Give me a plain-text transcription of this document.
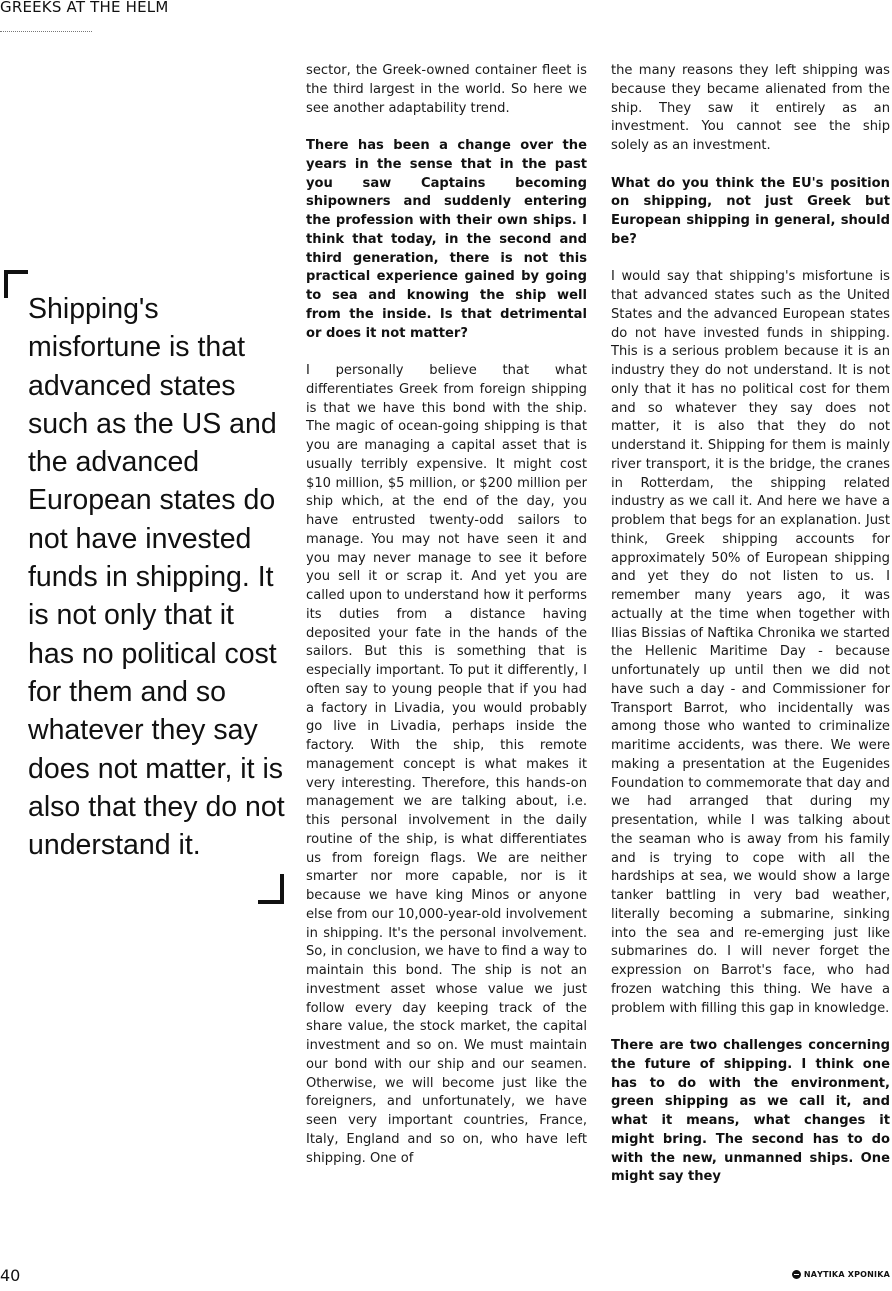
GREEKS AT THE HELM
Shipping's misfortune is that advanced states such as the US and the advanced European states do not have invested funds in shipping. It is not only that it has no political cost for them and so whatever they say does not matter, it is also that they do not understand it.

sector, the Greek-owned container fleet is the third largest in the world. So here we see another adaptability trend.

There has been a change over the years in the sense that in the past you saw Captains becoming shipowners and suddenly entering the profession with their own ships. I think that today, in the second and third generation, there is not this practical experience gained by going to sea and knowing the ship well from the inside. Is that detrimental or does it not matter?

I personally believe that what differentiates Greek from foreign shipping is that we have this bond with the ship. The magic of ocean-going shipping is that you are managing a capital asset that is usually terribly expensive. It might cost $10 million, $5 million, or $200 million per ship which, at the end of the day, you have entrusted twenty-odd sailors to manage. You may not have seen it and you may never manage to see it before you sell it or scrap it. And yet you are called upon to understand how it performs its duties from a distance having deposited your fate in the hands of the sailors. But this is something that is especially important. To put it differently, I often say to young people that if you had a factory in Livadia, you would probably go live in Livadia, perhaps inside the factory. With the ship, this remote management concept is what makes it very interesting. Therefore, this hands-on management we are talking about, i.e. this personal involvement in the daily routine of the ship, is what differentiates us from foreign flags. We are neither smarter nor more capable, nor is it because we have king Minos or anyone else from our 10,000-year-old involvement in shipping. It's the personal involvement. So, in conclusion, we have to find a way to maintain this bond. The ship is not an investment asset whose value we just follow every day keeping track of the share value, the stock market, the capital investment and so on. We must maintain our bond with our ship and our seamen. Otherwise, we will become just like the foreigners, and unfortunately, we have seen very important countries, France, Italy, England and so on, who have left shipping. One of

the many reasons they left shipping was because they became alienated from the ship. They saw it entirely as an investment. You cannot see the ship solely as an investment.

What do you think the EU's position on shipping, not just Greek but European shipping in general, should be?

I would say that shipping's misfortune is that advanced states such as the United States and the advanced European states do not have invested funds in shipping. This is a serious problem because it is an industry they do not understand. It is not only that it has no political cost for them and so whatever they say does not matter, it is also that they do not understand it. Shipping for them is mainly river transport, it is the bridge, the cranes in Rotterdam, the shipping related industry as we call it. And here we have a problem that begs for an explanation. Just think, Greek shipping accounts for approximately 50% of European shipping and yet they do not listen to us. I remember many years ago, it was actually at the time when together with Ilias Bissias of Naftika Chronika we started the Hellenic Maritime Day - because unfortunately up until then we did not have such a day - and Commissioner for Transport Barrot, who incidentally was among those who wanted to criminalize maritime accidents, was there. We were making a presentation at the Eugenides Foundation to commemorate that day and we had arranged that during my presentation, while I was talking about the seaman who is away from his family and is trying to cope with all the hardships at sea, we would show a large tanker battling in very bad weather, literally becoming a submarine, sinking into the sea and re-emerging just like submarines do. I will never forget the expression on Barrot's face, who had frozen watching this thing. We have a problem with filling this gap in knowledge.

There are two challenges concerning the future of shipping. I think one has to do with the environment, green shipping as we call it, and what it means, what changes it might bring. The second has to do with the new, unmanned ships. One might say they

40	ΝΑΥΤΙΚΑ ΧΡΟΝΙΚΑ
